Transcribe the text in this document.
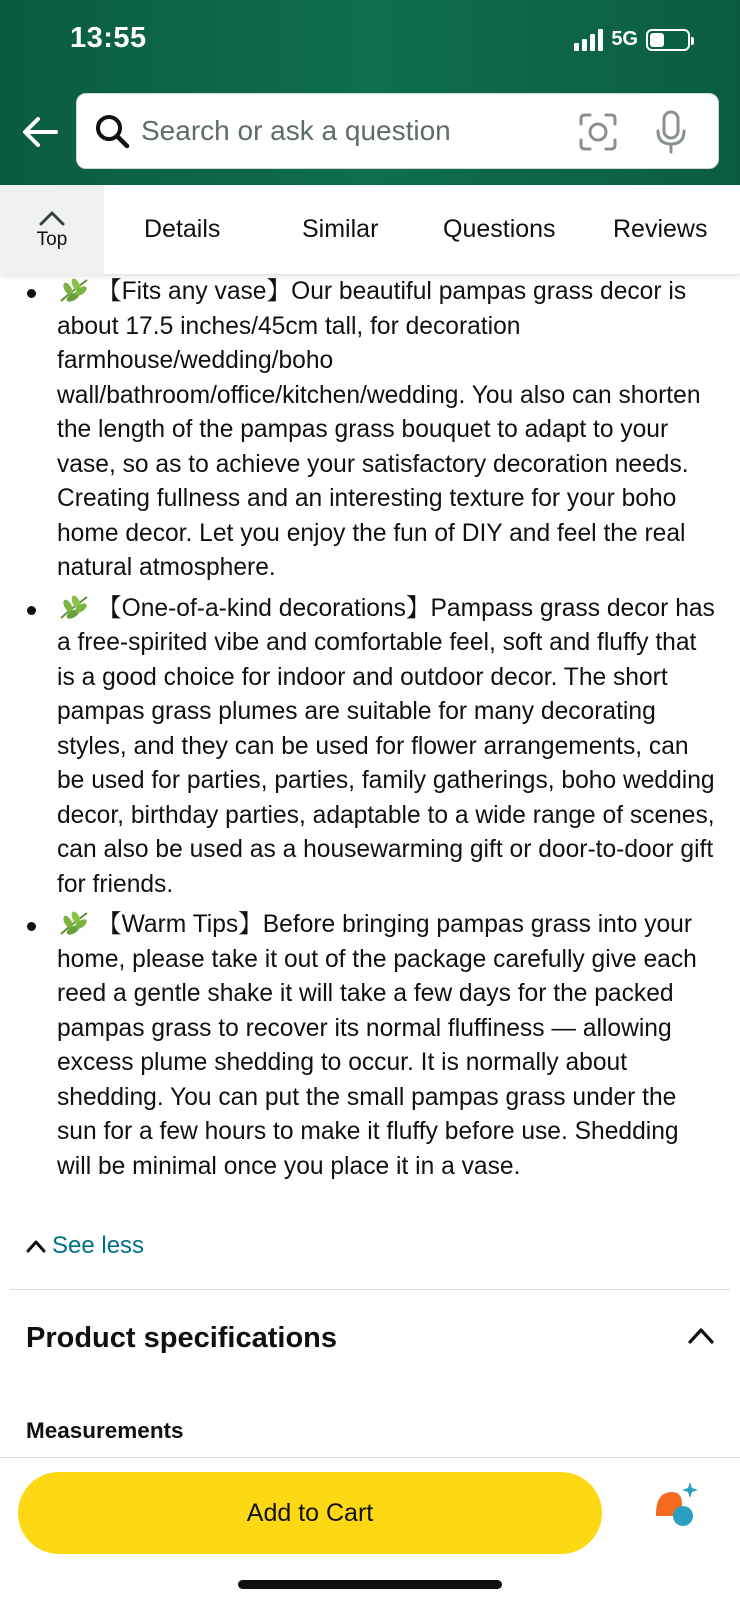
13:55	5G
Search or ask a question
Top	Details	Similar	Questions Reviews
【Fits any vase】Our beautiful pampas grass decor is about 17.5 inches/45cm tall, for decoration farmhouse/wedding/boho wall/bathroom/office/kitchen/wedding. You also can shorten the length of the pampas grass bouquet to adapt to your vase, so as to achieve your satisfactory decoration needs. Creating fullness and an interesting texture for your boho home decor. Let you enjoy the fun of DIY and feel the real natural atmosphere.
【One-of-a-kind decorations】Pampass grass decor has a free-spirited vibe and comfortable feel, soft and fluffy that is a good choice for indoor and outdoor decor. The short pampas grass plumes are suitable for many decorating styles, and they can be used for flower arrangements, can be used for parties, parties, family gatherings, boho wedding decor, birthday parties, adaptable to a wide range of scenes, can also be used as a housewarming gift or door-to-door gift for friends.
【Warm Tips】Before bringing pampas grass into your home, please take it out of the package carefully give each reed a gentle shake it will take a few days for the packed pampas grass to recover its normal fluffiness — allowing excess plume shedding to occur. It is normally about shedding. You can put the small pampas grass under the sun for a few hours to make it fluffy before use. Shedding will be minimal once you place it in a vase.
See less
Product specifications
Measurements
Add to Cart
